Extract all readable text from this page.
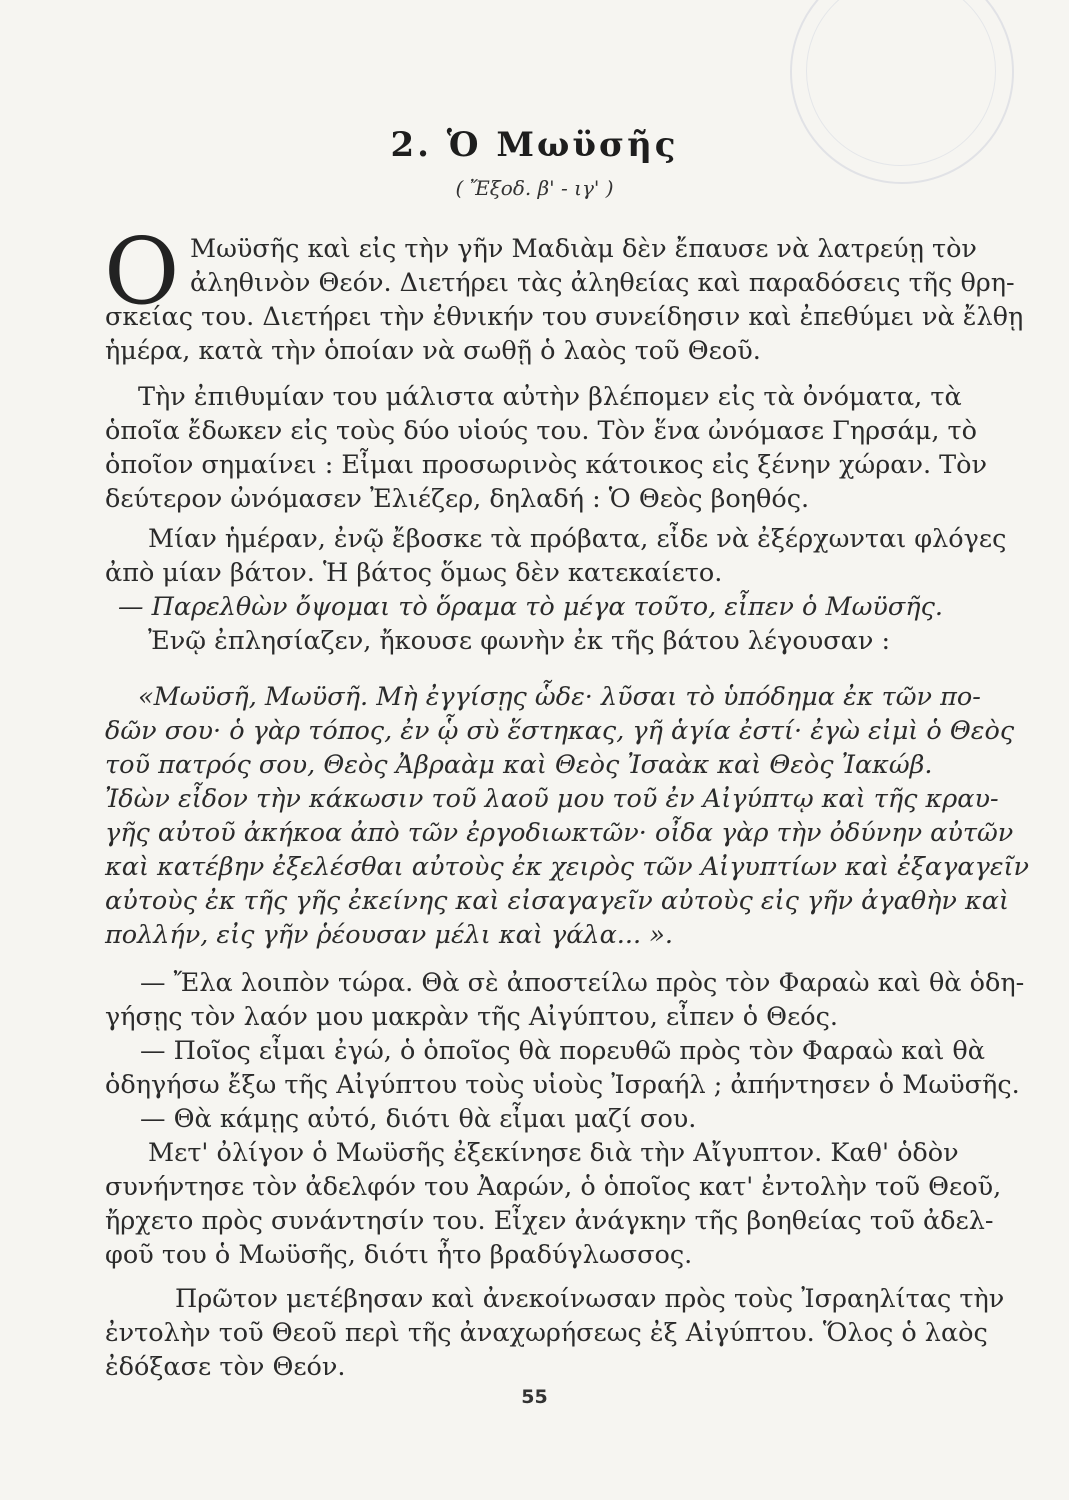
2. Ὁ Μωϋσῆς
( Ἔξοδ. β' - ιγ' )
Ο Μωϋσῆς καὶ εἰς τὴν γῆν Μαδιὰμ δὲν ἔπαυσε νὰ λατρεύῃ τὸν
ἀληθινὸν Θεόν. Διετήρει τὰς ἀληθείας καὶ παραδόσεις τῆς θρη-
σκείας του. Διετήρει τὴν ἐθνικήν του συνείδησιν καὶ ἐπεθύμει νὰ ἔλθῃ
ἡμέρα, κατὰ τὴν ὁποίαν νὰ σωθῇ ὁ λαὸς τοῦ Θεοῦ.
Τὴν ἐπιθυμίαν του μάλιστα αὐτὴν βλέπομεν εἰς τὰ ὀνόματα, τὰ
ὁποῖα ἔδωκεν εἰς τοὺς δύο υἱούς του. Τὸν ἕνα ὠνόμασε Γηρσάμ, τὸ
ὁποῖον σημαίνει : Εἶμαι προσωρινὸς κάτοικος εἰς ξένην χώραν. Τὸν
δεύτερον ὠνόμασεν Ἐλιέζερ, δηλαδή : Ὁ Θεὸς βοηθός.
Μίαν ἡμέραν, ἐνῷ ἔβοσκε τὰ πρόβατα, εἶδε νὰ ἐξέρχωνται φλόγες
ἀπὸ μίαν βάτον. Ἡ βάτος ὅμως δὲν κατεκαίετο.
— Παρελθὼν ὄψομαι τὸ ὅραμα τὸ μέγα τοῦτο, εἶπεν ὁ Μωϋσῆς.
Ἐνῷ ἐπλησίαζεν, ἤκουσε φωνὴν ἐκ τῆς βάτου λέγουσαν :
«Μωϋσῆ, Μωϋσῆ. Μὴ ἐγγίσῃς ὧδε· λῦσαι τὸ ὑπόδημα ἐκ τῶν πο-
δῶν σου· ὁ γὰρ τόπος, ἐν ᾧ σὺ ἕστηκας, γῆ ἁγία ἐστί· ἐγὼ εἰμὶ ὁ Θεὸς
τοῦ πατρός σου, Θεὸς Ἀβραὰμ καὶ Θεὸς Ἰσαὰκ καὶ Θεὸς Ἰακώβ.
Ἰδὼν εἶδον τὴν κάκωσιν τοῦ λαοῦ μου τοῦ ἐν Αἰγύπτῳ καὶ τῆς κραυ-
γῆς αὐτοῦ ἀκήκοα ἀπὸ τῶν ἐργοδιωκτῶν· οἶδα γὰρ τὴν ὀδύνην αὐτῶν
καὶ κατέβην ἐξελέσθαι αὐτοὺς ἐκ χειρὸς τῶν Αἰγυπτίων καὶ ἐξαγαγεῖν
αὐτοὺς ἐκ τῆς γῆς ἐκείνης καὶ εἰσαγαγεῖν αὐτοὺς εἰς γῆν ἀγαθὴν καὶ
πολλήν, εἰς γῆν ῥέουσαν μέλι καὶ γάλα... ».
— Ἔλα λοιπὸν τώρα. Θὰ σὲ ἀποστείλω πρὸς τὸν Φαραὼ καὶ θὰ ὁδη-
γήσῃς τὸν λαόν μου μακρὰν τῆς Αἰγύπτου, εἶπεν ὁ Θεός.
— Ποῖος εἶμαι ἐγώ, ὁ ὁποῖος θὰ πορευθῶ πρὸς τὸν Φαραὼ καὶ θὰ
ὁδηγήσω ἔξω τῆς Αἰγύπτου τοὺς υἱοὺς Ἰσραήλ ; ἀπήντησεν ὁ Μωϋσῆς.
— Θὰ κάμῃς αὐτό, διότι θὰ εἶμαι μαζί σου.
Μετ' ὀλίγον ὁ Μωϋσῆς ἐξεκίνησε διὰ τὴν Αἴγυπτον. Καθ' ὁδὸν
συνήντησε τὸν ἀδελφόν του Ἀαρών, ὁ ὁποῖος κατ' ἐντολὴν τοῦ Θεοῦ,
ἤρχετο πρὸς συνάντησίν του. Εἶχεν ἀνάγκην τῆς βοηθείας τοῦ ἀδελ-
φοῦ του ὁ Μωϋσῆς, διότι ἦτο βραδύγλωσσος.
Πρῶτον μετέβησαν καὶ ἀνεκοίνωσαν πρὸς τοὺς Ἰσραηλίτας τὴν
ἐντολὴν τοῦ Θεοῦ περὶ τῆς ἀναχωρήσεως ἐξ Αἰγύπτου. Ὅλος ὁ λαὸς
ἐδόξασε τὸν Θεόν.
55
